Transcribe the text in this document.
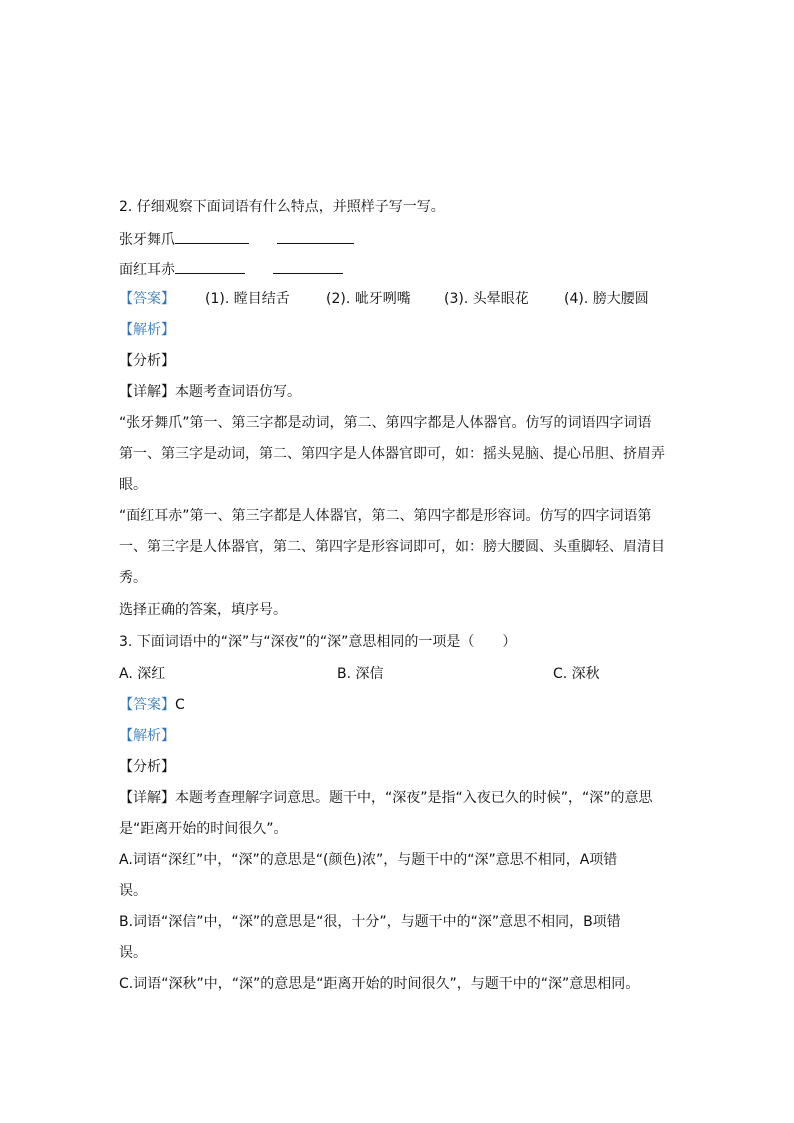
2. 仔细观察下面词语有什么特点，并照样子写一写。
张牙舞爪
面红耳赤
【答案】 (1). 瞠目结舌	(2). 呲牙咧嘴 (3). 头晕眼花	(4). 膀大腰圆
【解析】
【分析】
【详解】本题考查词语仿写。
“张牙舞爪”第一、第三字都是动词，第二、第四字都是人体器官。仿写的词语四字词语
第一、第三字是动词，第二、第四字是人体器官即可，如：摇头晃脑、提心吊胆、挤眉弄
眼。
“面红耳赤”第一、第三字都是人体器官，第二、第四字都是形容词。仿写的四字词语第
一、第三字是人体器官，第二、第四字是形容词即可，如：膀大腰圆、头重脚轻、眉清目
秀。
选择正确的答案，填序号。
3. 下面词语中的“深”与“深夜”的“深”意思相同的一项是（　　）
A. 深红	B. 深信	C. 深秋
【答案】C
【解析】
【分析】
【详解】本题考查理解字词意思。题干中，“深夜”是指“入夜已久的时候”，“深”的意思
是“距离开始的时间很久”。
A.词语“深红”中，“深”的意思是“(颜色)浓”，与题干中的“深”意思不相同，A项错
误。
B.词语“深信”中，“深”的意思是“很，十分”，与题干中的“深”意思不相同，B项错
误。
C.词语“深秋”中，“深”的意思是“距离开始的时间很久”，与题干中的“深”意思相同。
